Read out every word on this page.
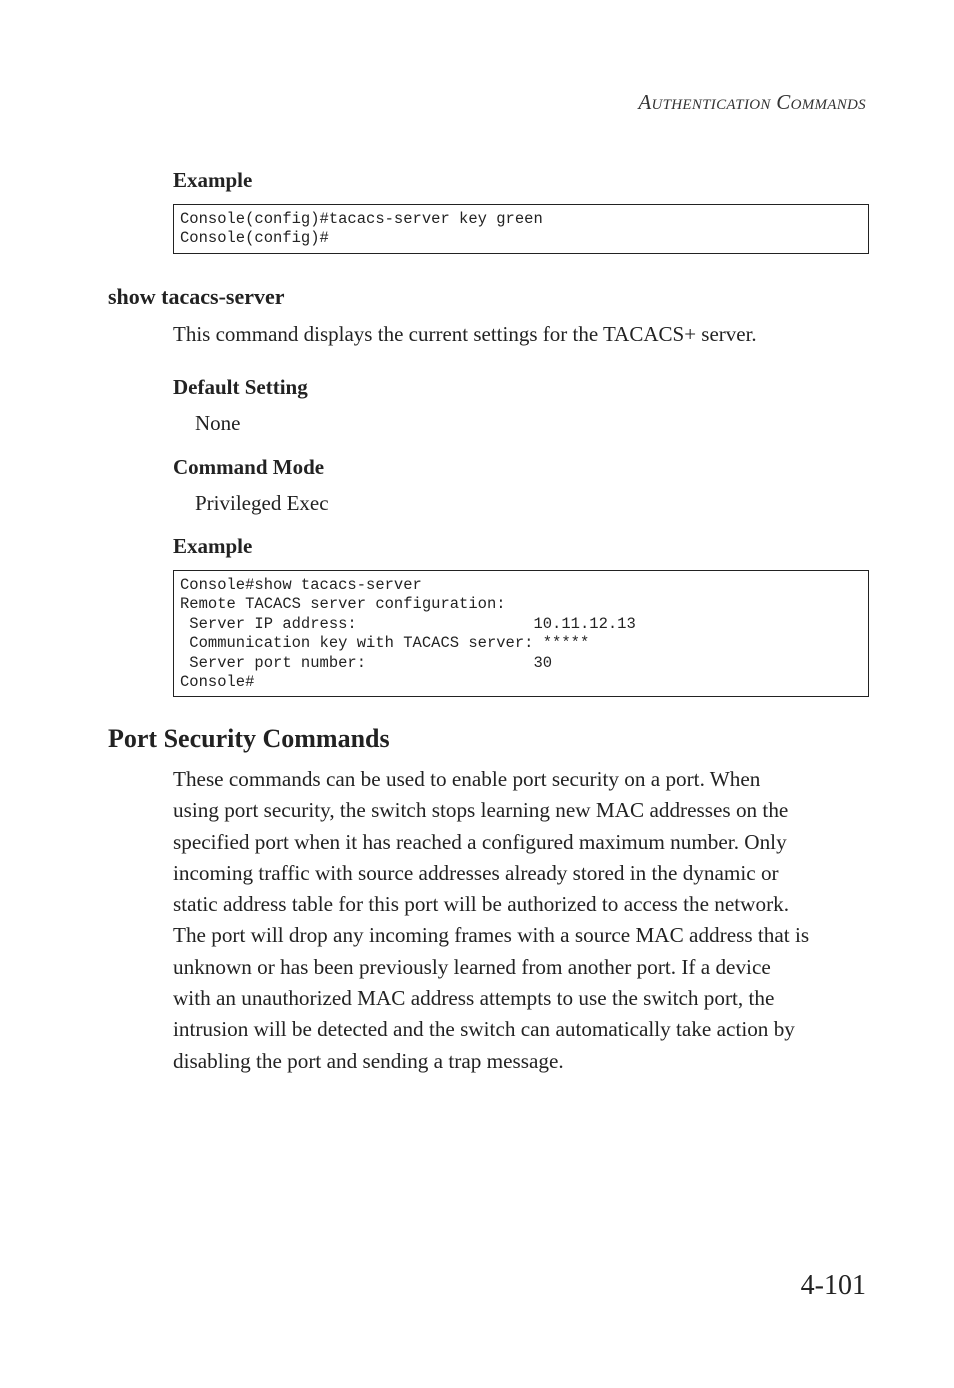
AUTHENTICATION COMMANDS
Example
Console(config)#tacacs-server key green
Console(config)#
show tacacs-server
This command displays the current settings for the TACACS+ server.
Default Setting
None
Command Mode
Privileged Exec
Example
Console#show tacacs-server
Remote TACACS server configuration:
Server IP address:                   10.11.12.13
Communication key with TACACS server: *****
Server port number:                  30
Console#
Port Security Commands
These commands can be used to enable port security on a port. When
using port security, the switch stops learning new MAC addresses on the
specified port when it has reached a configured maximum number. Only
incoming traffic with source addresses already stored in the dynamic or
static address table for this port will be authorized to access the network.
The port will drop any incoming frames with a source MAC address that is
unknown or has been previously learned from another port. If a device
with an unauthorized MAC address attempts to use the switch port, the
intrusion will be detected and the switch can automatically take action by
disabling the port and sending a trap message.
4-101
